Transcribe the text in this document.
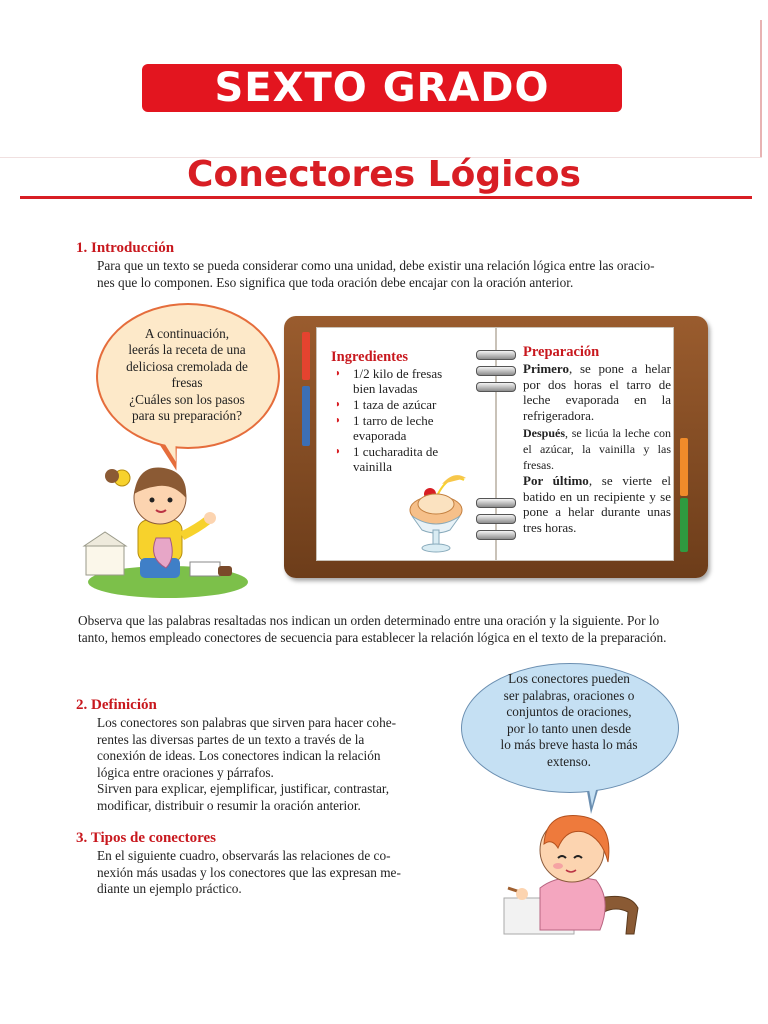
SEXTO GRADO
Conectores Lógicos
1. Introducción
Para que un texto se pueda considerar como una unidad, debe existir una relación lógica entre las oracio-
nes que lo componen. Eso significa que toda oración debe encajar con la oración anterior.
A continuación,
leerás la receta de una
deliciosa cremolada de
fresas
¿Cuáles son los pasos
para su preparación?
Ingredientes
◗ 1/2 kilo de fresas
bien lavadas
◗ 1 taza de azúcar
◗ 1 tarro de leche
evaporada
◗ 1 cucharadita de
vainilla
Preparación
Primero, se pone a helar por dos horas el tarro de leche evaporada en la refrigeradora.
Después, se licúa la leche con el azúcar, la vainilla y las fresas.
Por último, se vierte el batido en un recipiente y se pone a helar durante unas tres horas.
Observa que las palabras resaltadas nos indican un orden determinado entre una oración y la siguiente. Por lo
tanto, hemos empleado conectores de secuencia para establecer la relación lógica en el texto de la preparación.
2. Definición
Los conectores son palabras que sirven para hacer cohe-
rentes las diversas partes de un texto a través de la
conexión de ideas. Los conectores indican la relación
lógica entre oraciones y párrafos.
Sirven para explicar, ejemplificar, justificar, contrastar,
modificar, distribuir o resumir la oración anterior.
3. Tipos de conectores
En el siguiente cuadro, observarás las relaciones de co-
nexión más usadas y los conectores que las expresan me-
diante un ejemplo práctico.
Los conectores pueden
ser palabras, oraciones o
conjuntos de oraciones,
por lo tanto unen desde
lo más breve hasta lo más
extenso.
